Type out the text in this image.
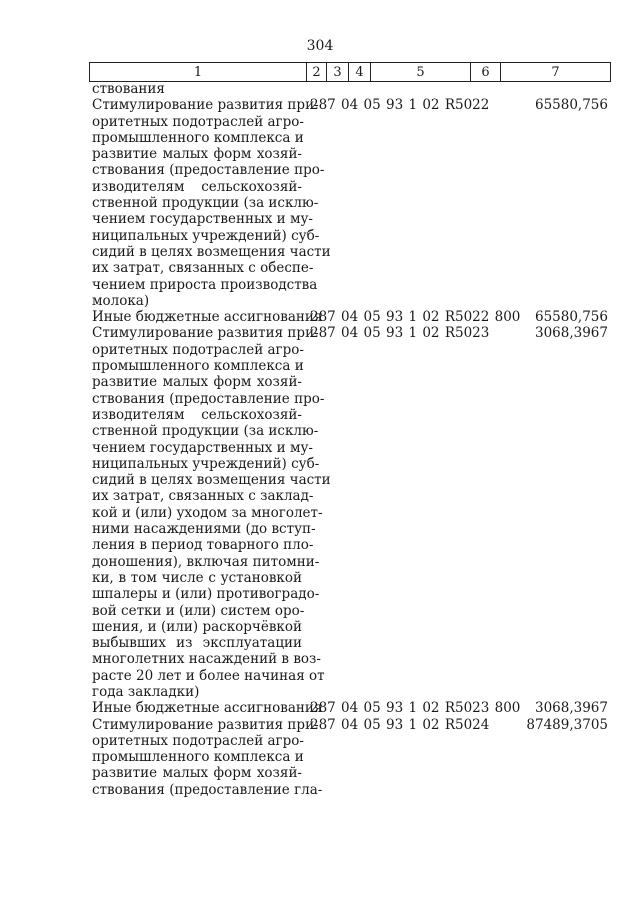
304
1	2 3	4	5	6	7
ствования
Стимулирование развития при-
оритетных подотраслей агро-
промышленного комплекса и
развитие малых форм хозяй-
ствования (предоставление про-
изводителям сельскохозяй-
ственной продукции (за исклю-
чением государственных и му-
ниципальных учреждений) суб-
сидий в целях возмещения части
их затрат, связанных с обеспе-
чением прироста производства
молока)
287 04 05 93 1 02 R5022	65580,756
Иные бюджетные ассигнования
287 04 05 93 1 02 R5022 800 65580,756
Стимулирование развития при-
оритетных подотраслей агро-
промышленного комплекса и
развитие малых форм хозяй-
ствования (предоставление про-
изводителям сельскохозяй-
ственной продукции (за исклю-
чением государственных и му-
ниципальных учреждений) суб-
сидий в целях возмещения части
их затрат, связанных с заклад-
кой и (или) уходом за многолет-
ними насаждениями (до вступ-
ления в период товарного пло-
доношения), включая питомни-
ки, в том числе с установкой
шпалеры и (или) противоградо-
вой сетки и (или) систем оро-
шения, и (или) раскорчёвкой
выбывших из эксплуатации
многолетних насаждений в воз-
расте 20 лет и более начиная от
года закладки)
287 04 05 93 1 02 R5023	3068,3967
Иные бюджетные ассигнования
287 04 05 93 1 02 R5023 800 3068,3967
Стимулирование развития при-
оритетных подотраслей агро-
промышленного комплекса и
развитие малых форм хозяй-
ствования (предоставление гла-
287 04 05 93 1 02 R5024	87489,3705
